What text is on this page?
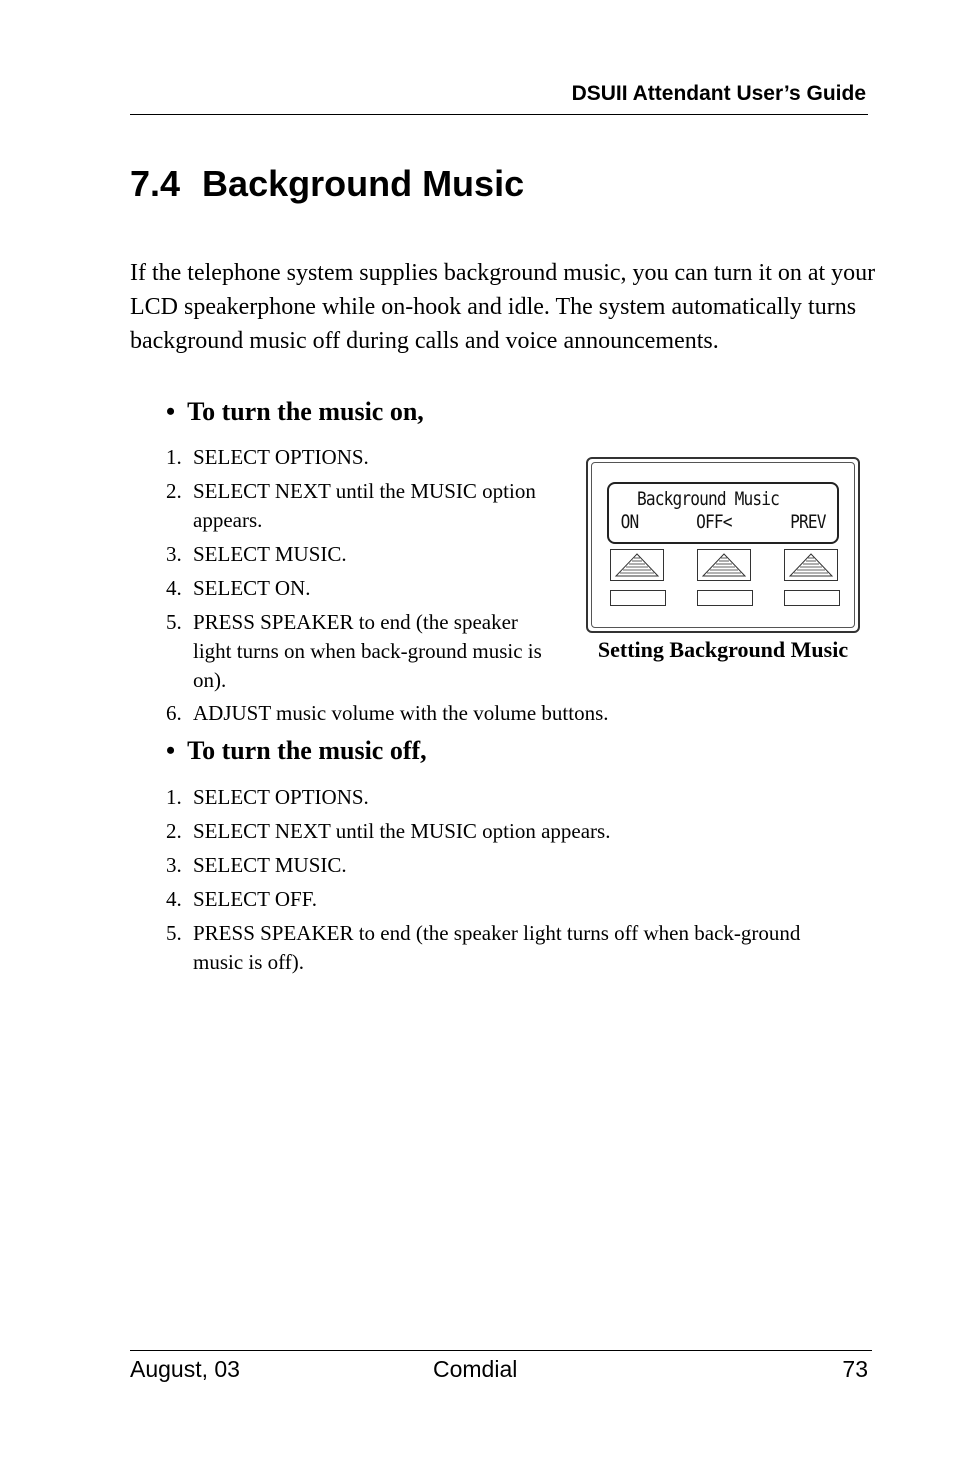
DSUII Attendant User’s Guide
7.4 Background Music

If the telephone system supplies background music, you can turn it on at your LCD speakerphone while on-hook and idle. The system automatically turns background music off during calls and voice announcements.

• To turn the music on,
1. SELECT OPTIONS.
2. SELECT NEXT until the MUSIC option appears.
3. SELECT MUSIC.
4. SELECT ON.
5. PRESS SPEAKER to end (the speaker light turns on when back-ground music is on).
6. ADJUST music volume with the volume buttons.
Background Music
ON	OFF<	PREV
Setting Background Music
• To turn the music off,
1. SELECT OPTIONS.
2. SELECT NEXT until the MUSIC option appears.
3. SELECT MUSIC.
4. SELECT OFF.
5. PRESS SPEAKER to end (the speaker light turns off when back-ground music is off).
August, 03	Comdial	73
